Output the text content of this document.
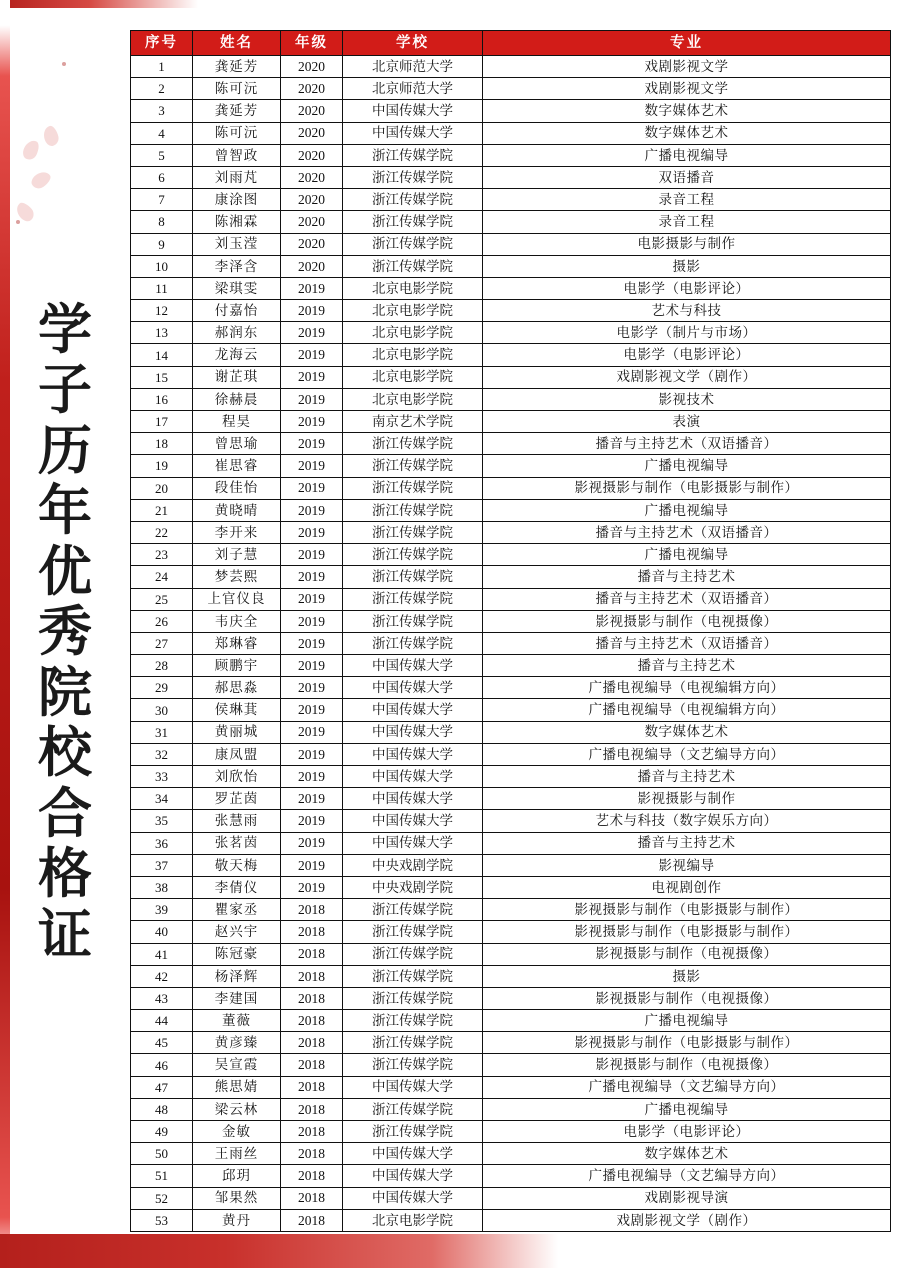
学
子
历
年
优
秀
院
校
合
格
证
序号	姓名	年级	学校	专业
1	龚延芳	2020	北京师范大学	戏剧影视文学
2	陈可沅	2020	北京师范大学	戏剧影视文学
3	龚延芳	2020	中国传媒大学	数字媒体艺术
4	陈可沅	2020	中国传媒大学	数字媒体艺术
5	曾智政	2020	浙江传媒学院	广播电视编导
6	刘雨芃	2020	浙江传媒学院	双语播音
7	康涂图	2020	浙江传媒学院	录音工程
8	陈湘霖	2020	浙江传媒学院	录音工程
9	刘玉滢	2020	浙江传媒学院	电影摄影与制作
10	李泽含	2020	浙江传媒学院	摄影
11	梁琪雯	2019	北京电影学院	电影学（电影评论）
12	付嘉怡	2019	北京电影学院	艺术与科技
13	郝润东	2019	北京电影学院	电影学（制片与市场）
14	龙海云	2019	北京电影学院	电影学（电影评论）
15	谢芷琪	2019	北京电影学院	戏剧影视文学（剧作）
16	徐赫晨	2019	北京电影学院	影视技术
17	程昊	2019	南京艺术学院	表演
18	曾思瑜	2019	浙江传媒学院	播音与主持艺术（双语播音）
19	崔思睿	2019	浙江传媒学院	广播电视编导
20	段佳怡	2019	浙江传媒学院	影视摄影与制作（电影摄影与制作）
21	黄晓晴	2019	浙江传媒学院	广播电视编导
22	李开来	2019	浙江传媒学院	播音与主持艺术（双语播音）
23	刘子慧	2019	浙江传媒学院	广播电视编导
24	梦芸熙	2019	浙江传媒学院	播音与主持艺术
25	上官仪良	2019	浙江传媒学院	播音与主持艺术（双语播音）
26	韦庆全	2019	浙江传媒学院	影视摄影与制作（电视摄像）
27	郑琳睿	2019	浙江传媒学院	播音与主持艺术（双语播音）
28	顾鹏宇	2019	中国传媒大学	播音与主持艺术
29	郝思淼	2019	中国传媒大学	广播电视编导（电视编辑方向）
30	侯琳萁	2019	中国传媒大学	广播电视编导（电视编辑方向）
31	黄丽城	2019	中国传媒大学	数字媒体艺术
32	康凤盟	2019	中国传媒大学	广播电视编导（文艺编导方向）
33	刘欣怡	2019	中国传媒大学	播音与主持艺术
34	罗芷茵	2019	中国传媒大学	影视摄影与制作
35	张慧雨	2019	中国传媒大学	艺术与科技（数字娱乐方向）
36	张茗茵	2019	中国传媒大学	播音与主持艺术
37	敬天梅	2019	中央戏剧学院	影视编导
38	李倩仪	2019	中央戏剧学院	电视剧创作
39	瞿家丞	2018	浙江传媒学院	影视摄影与制作（电影摄影与制作）
40	赵兴宇	2018	浙江传媒学院	影视摄影与制作（电影摄影与制作）
41	陈冠豪	2018	浙江传媒学院	影视摄影与制作（电视摄像）
42	杨泽辉	2018	浙江传媒学院	摄影
43	李建国	2018	浙江传媒学院	影视摄影与制作（电视摄像）
44	董薇	2018	浙江传媒学院	广播电视编导
45	黄彦臻	2018	浙江传媒学院	影视摄影与制作（电影摄影与制作）
46	吴宣霞	2018	浙江传媒学院	影视摄影与制作（电视摄像）
47	熊思婧	2018	中国传媒大学	广播电视编导（文艺编导方向）
48	梁云林	2018	浙江传媒学院	广播电视编导
49	金敏	2018	浙江传媒学院	电影学（电影评论）
50	王雨丝	2018	中国传媒大学	数字媒体艺术
51	邱玥	2018	中国传媒大学	广播电视编导（文艺编导方向）
52	邹果然	2018	中国传媒大学	戏剧影视导演
53	黄丹	2018	北京电影学院	戏剧影视文学（剧作）
